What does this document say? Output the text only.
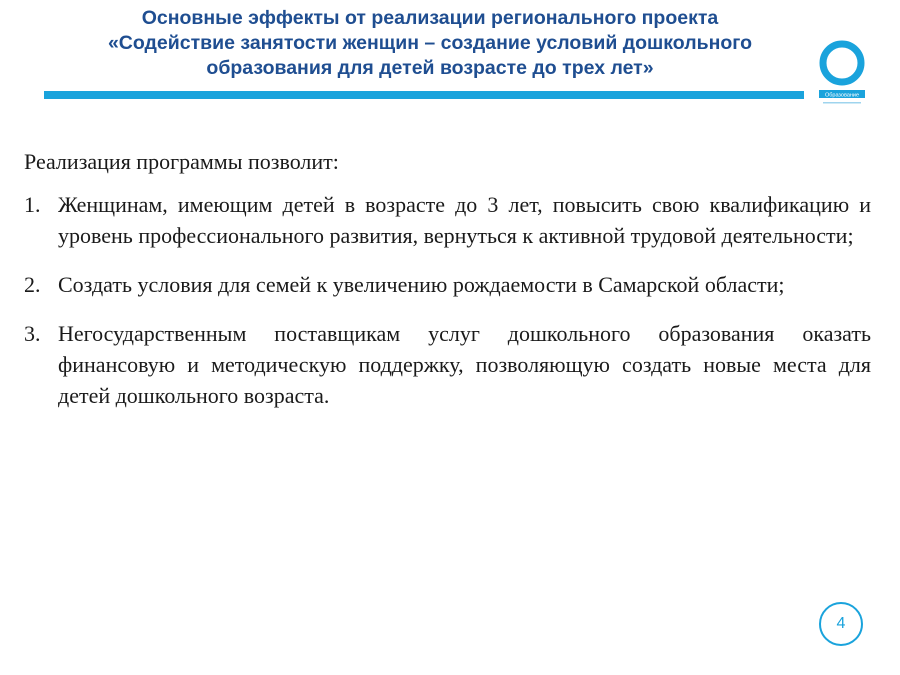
Основные эффекты от реализации регионального проекта
«Содействие занятости женщин – создание условий дошкольного
образования для детей возрасте до трех лет»
Образование

Реализация программы позволит:

1. Женщинам, имеющим детей в возрасте до 3 лет, повысить свою квалификацию и уровень профессионального развития, вернуться к активной трудовой деятельности;
2. Создать условия для семей к увеличению рождаемости в Самарской области;
3. Негосударственным поставщикам услуг дошкольного образования оказать финансовую и методическую поддержку, позволяющую создать новые места для детей дошкольного возраста.
4
